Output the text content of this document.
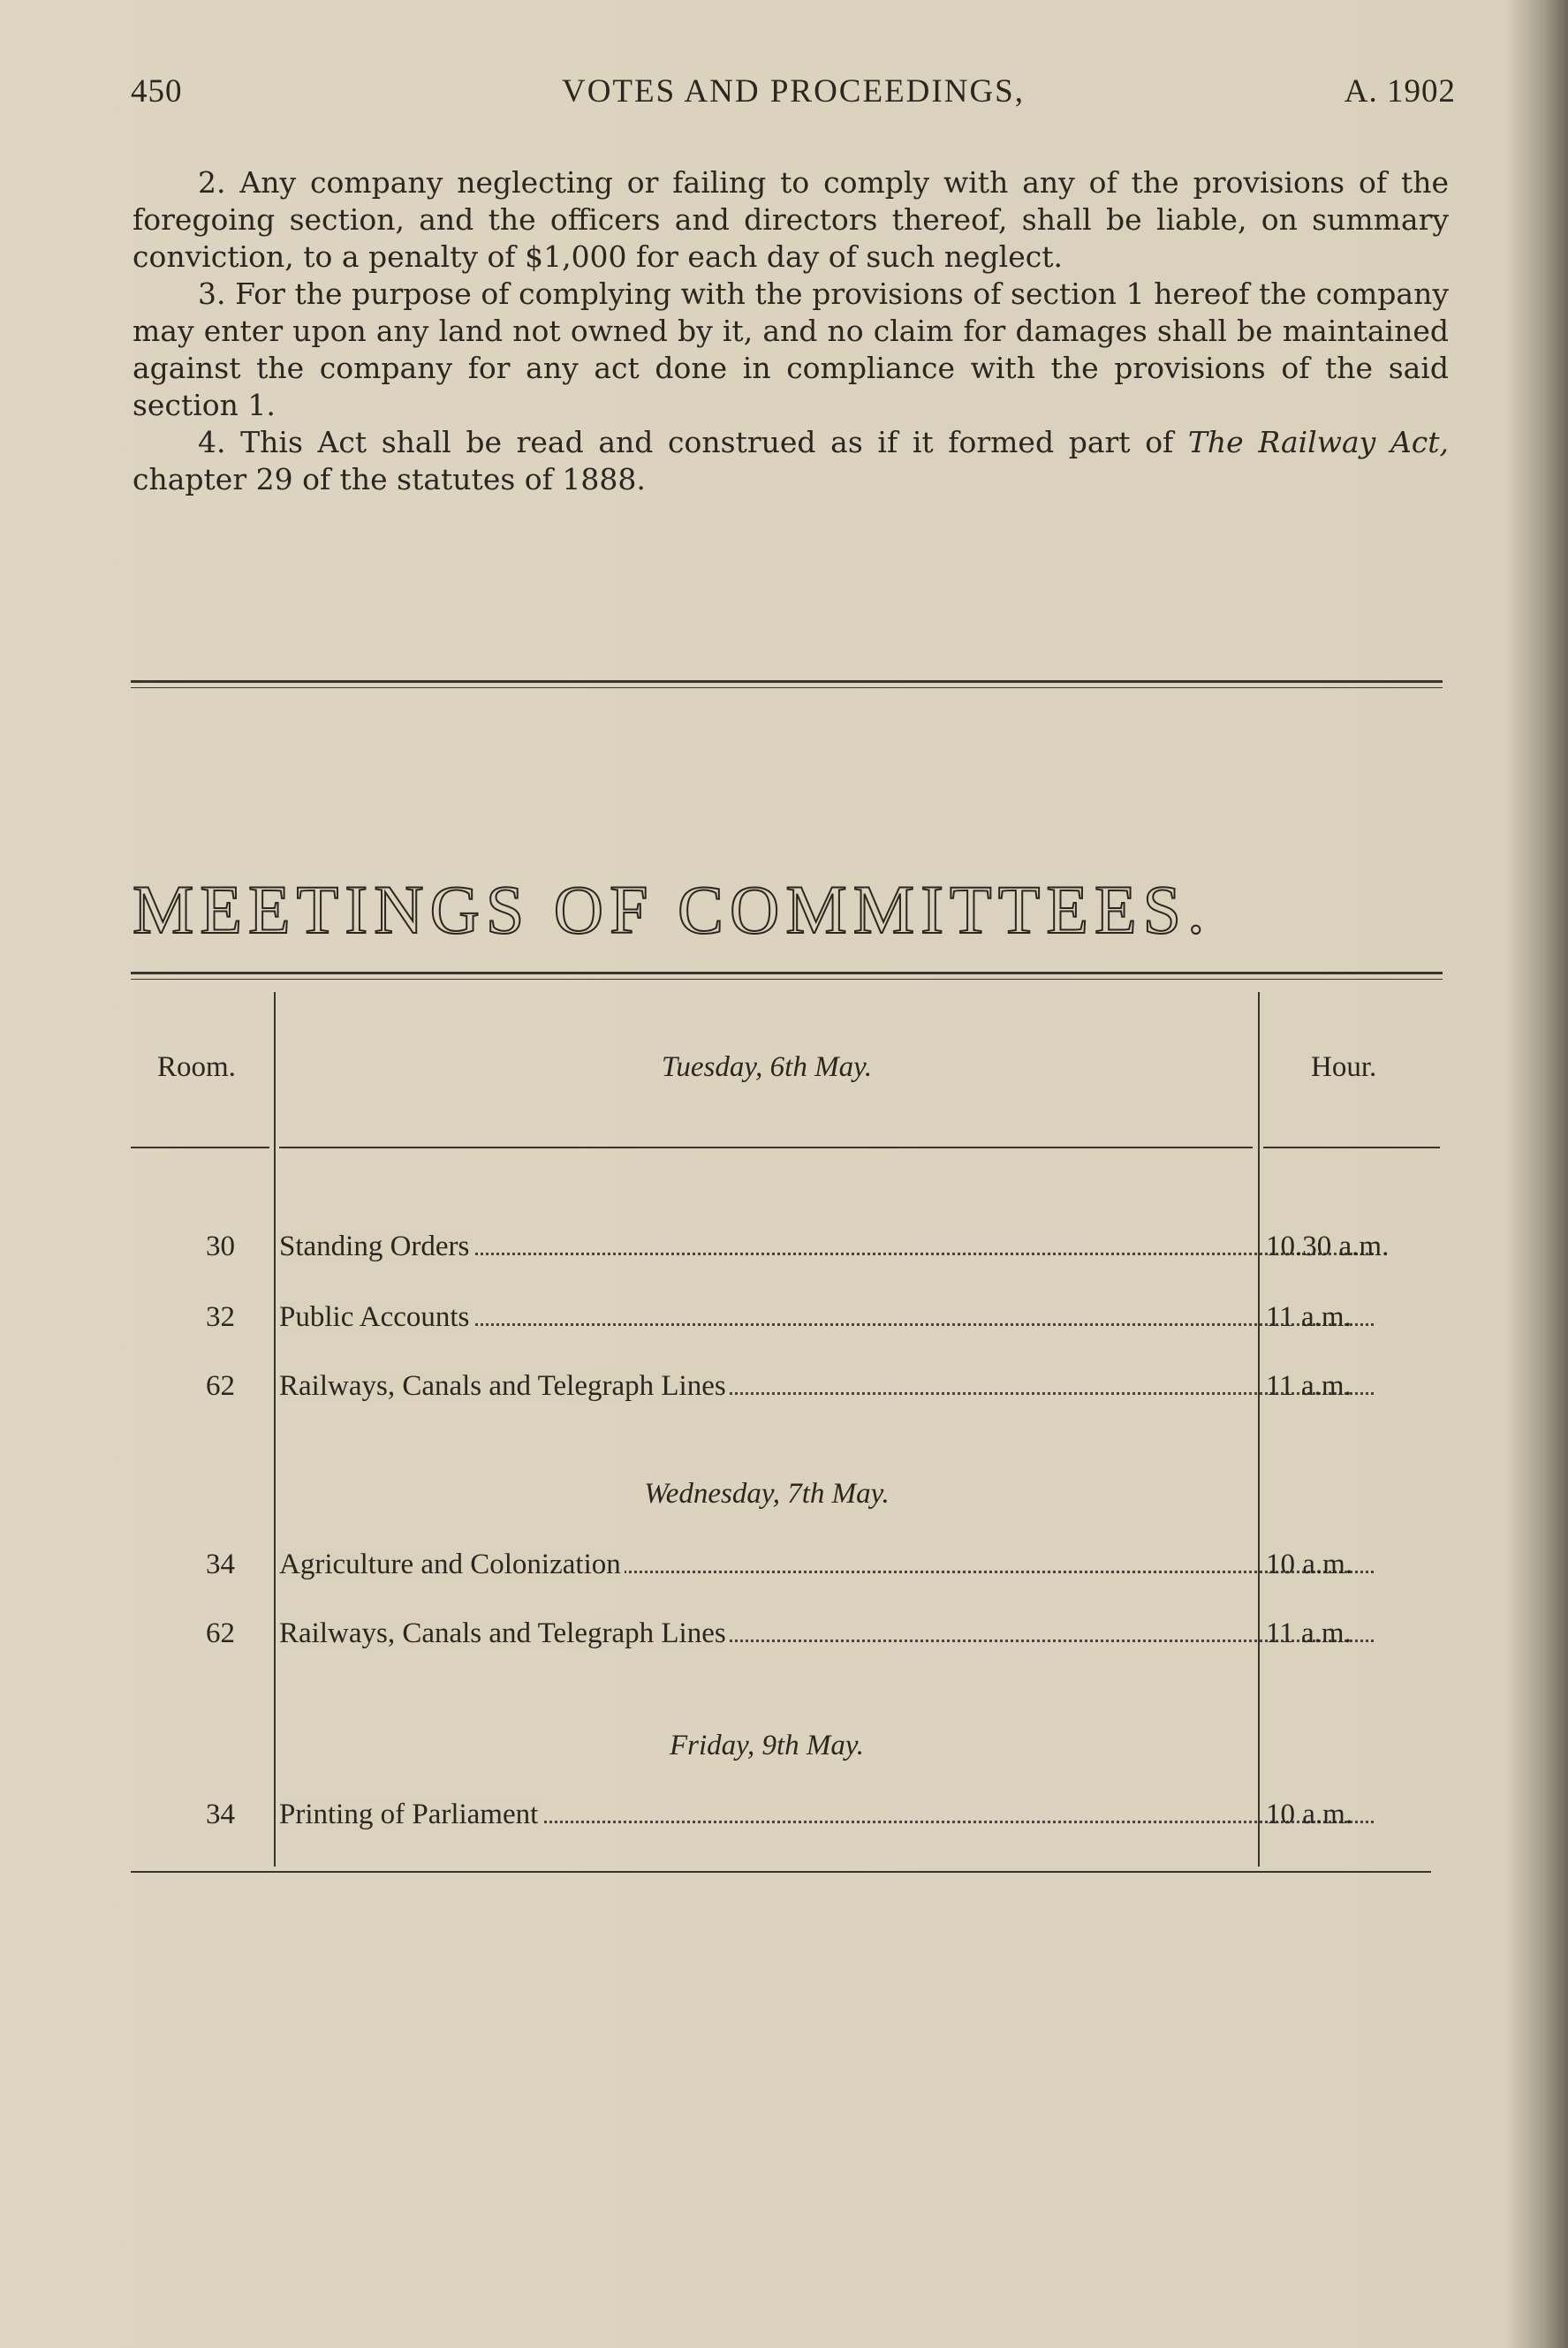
450	VOTES AND PROCEEDINGS,	A. 1902

2. Any company neglecting or failing to comply with any of the provisions of the foregoing section, and the officers and directors thereof, shall be liable, on summary conviction, to a penalty of $1,000 for each day of such neglect.

3. For the purpose of complying with the provisions of section 1 hereof the company may enter upon any land not owned by it, and no claim for damages shall be maintained against the company for any act done in compliance with the provisions of the said section 1.

4. This Act shall be read and construed as if it formed part of The Railway Act, chapter 29 of the statutes of 1888.

MEETINGS OF COMMITTEES.
Room.	Tuesday, 6th May.	Hour.
30 Standing Orders	10.30 a.m.
32 Public Accounts	11 a.m.
62 Railways, Canals and Telegraph Lines	11 a.m.
Wednesday, 7th May.
34 Agriculture and Colonization	10 a.m.
62 Railways, Canals and Telegraph Lines	11 a.m.
Friday, 9th May.
34 Printing of Parliament	10 a.m.
